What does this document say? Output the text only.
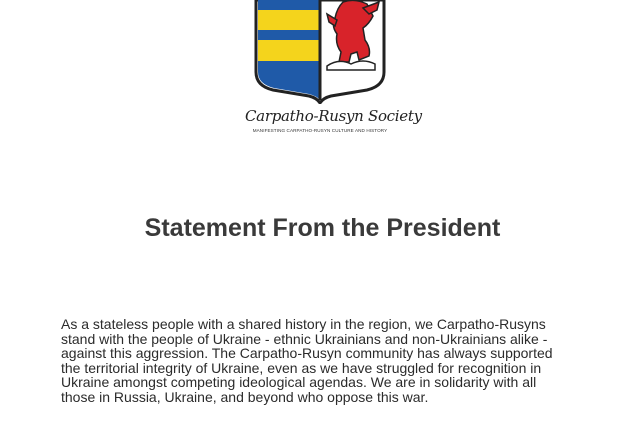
Carpatho-Rusyn Society
MANIFESTING CARPATHO-RUSYN CULTURE AND HISTORY
Statement From the President

As a stateless people with a shared history in the region, we Carpatho-Rusyns stand with the people of Ukraine - ethnic Ukrainians and non-Ukrainians alike - against this aggression. The Carpatho-Rusyn community has always supported the territorial integrity of Ukraine, even as we have struggled for recognition in Ukraine amongst competing ideological agendas. We are in solidarity with all those in Russia, Ukraine, and beyond who oppose this war.
